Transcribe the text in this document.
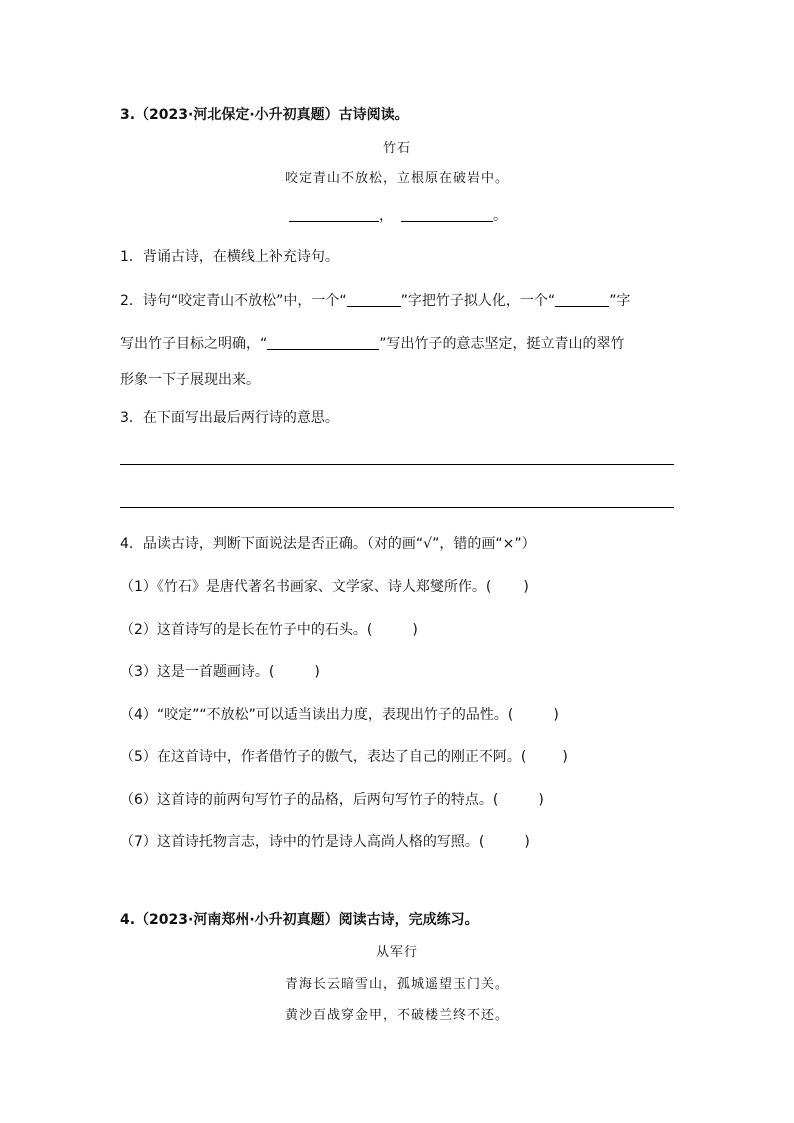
3.（2023·河北保定·小升初真题）古诗阅读。
竹石
咬定青山不放松，立根原在破岩中。
，	。
1．背诵古诗，在横线上补充诗句。
2．诗句“咬定青山不放松”中，一个“	”字把竹子拟人化，一个“	”字
写出竹子目标之明确，“	”写出竹子的意志坚定，挺立青山的翠竹
形象一下子展现出来。
3．在下面写出最后两行诗的意思。
4．品读古诗，判断下面说法是否正确。（对的画“√”，错的画“×”）
（1）《竹石》是唐代著名书画家、文学家、诗人郑燮所作。( )
（2）这首诗写的是长在竹子中的石头。(	)
（3）这是一首题画诗。(	)
（4）“咬定”“不放松”可以适当读出力度，表现出竹子的品性。(	)
（5）在这首诗中，作者借竹子的傲气，表达了自己的刚正不阿。(	)
（6）这首诗的前两句写竹子的品格，后两句写竹子的特点。(	)
（7）这首诗托物言志，诗中的竹是诗人高尚人格的写照。(	)
4.（2023·河南郑州·小升初真题）阅读古诗，完成练习。
从军行
青海长云暗雪山，孤城遥望玉门关。
黄沙百战穿金甲，不破楼兰终不还。
